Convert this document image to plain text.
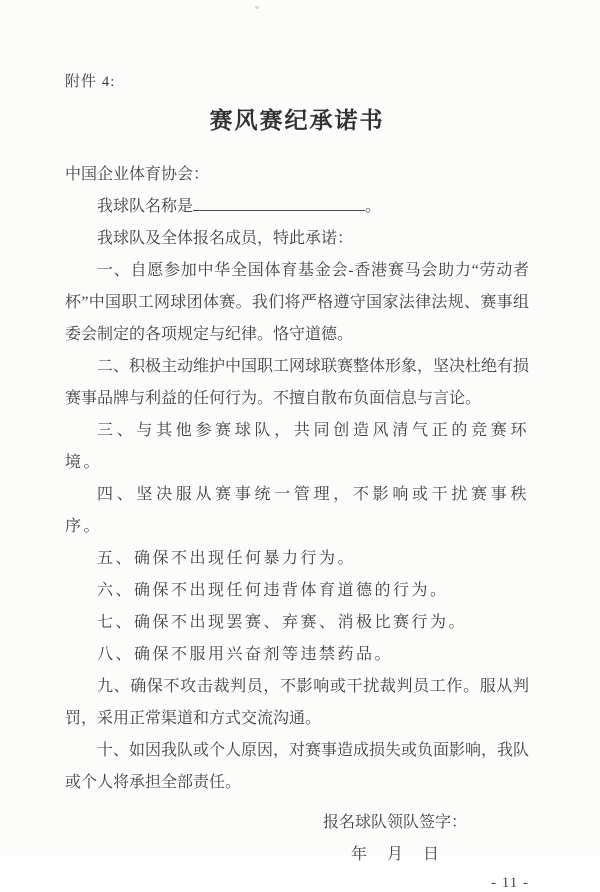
附件 4:
赛风赛纪承诺书

中国企业体育协会：

我球队名称是	。

我球队及全体报名成员，特此承诺：

一、自愿参加中华全国体育基金会-香港赛马会助力“劳动者杯”中国职工网球团体赛。我们将严格遵守国家法律法规、赛事组委会制定的各项规定与纪律。恪守道德。

二、积极主动维护中国职工网球联赛整体形象，坚决杜绝有损赛事品牌与利益的任何行为。不擅自散布负面信息与言论。

三、与其他参赛球队，共同创造风清气正的竞赛环境。

四、坚决服从赛事统一管理，不影响或干扰赛事秩序。

五、确保不出现任何暴力行为。

六、确保不出现任何违背体育道德的行为。

七、确保不出现罢赛、弃赛、消极比赛行为。

八、确保不服用兴奋剂等违禁药品。

九、确保不攻击裁判员，不影响或干扰裁判员工作。服从判罚，采用正常渠道和方式交流沟通。

十、如因我队或个人原因，对赛事造成损失或负面影响，我队或个人将承担全部责任。

报名球队领队签字：
年　月　日
- 11 -
